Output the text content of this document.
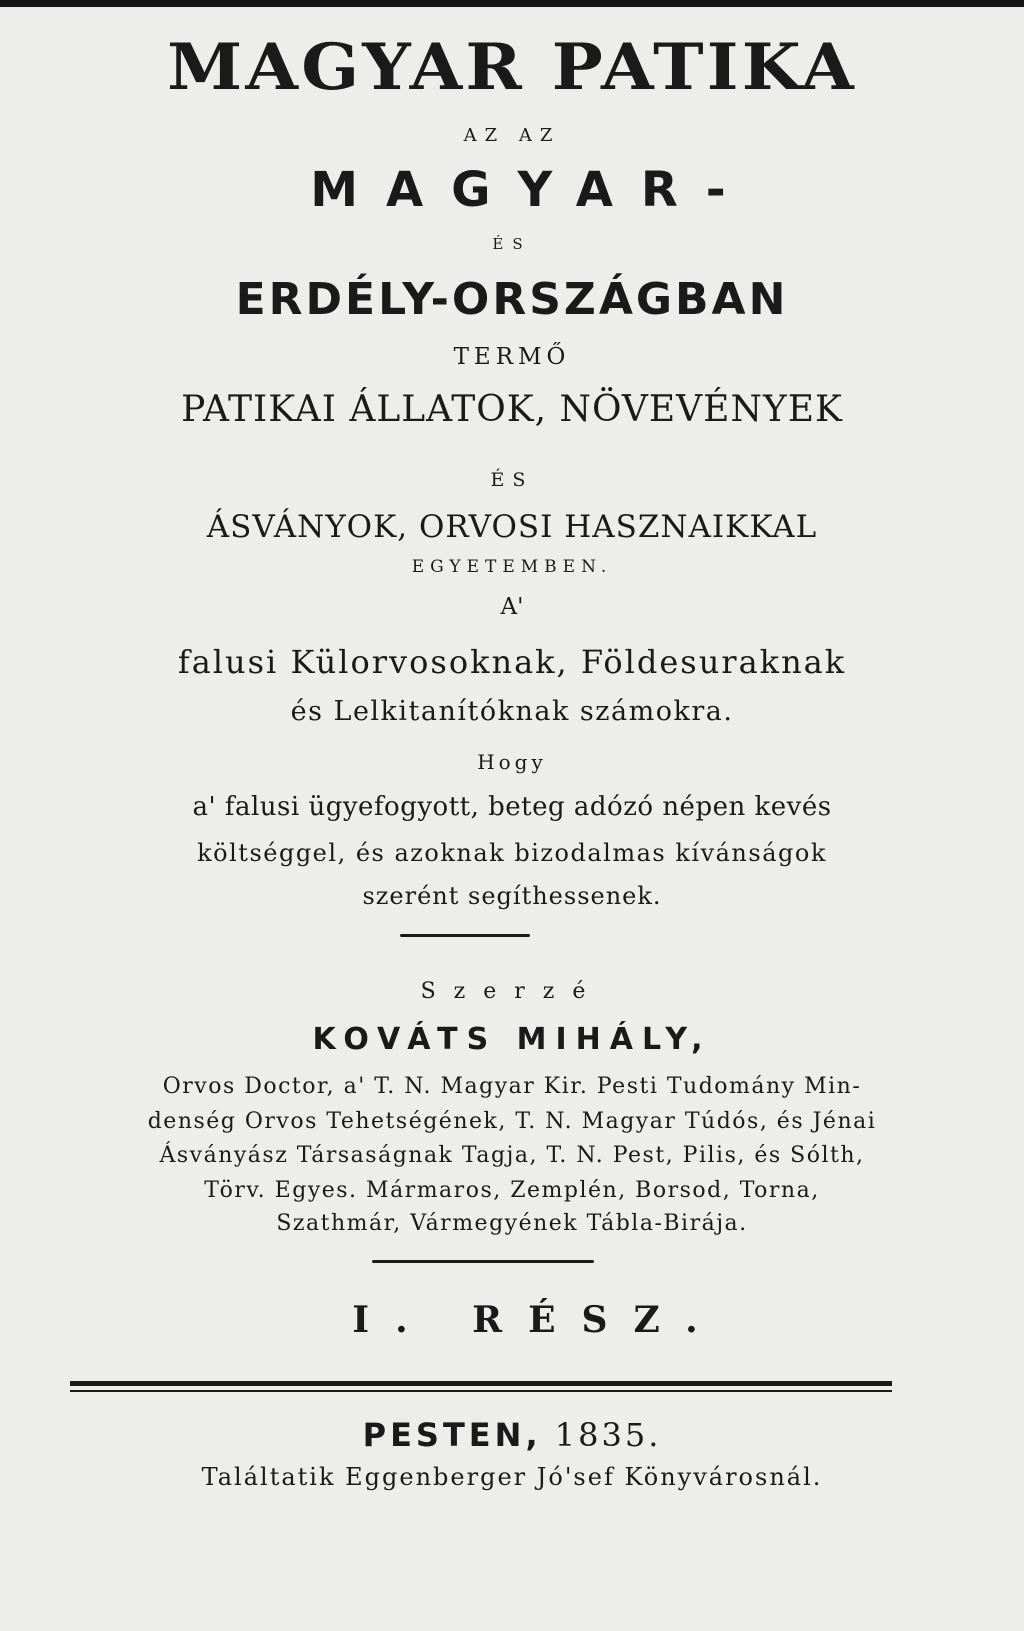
MAGYAR PATIKA
AZ AZ
MAGYAR-
ÉS
ERDÉLY-ORSZÁGBAN
TERMŐ
PATIKAI ÁLLATOK, NÖVEVÉNYEK
ÉS
ÁSVÁNYOK, ORVOSI HASZNAIKKAL
EGYETEMBEN.
A'
falusi Külorvosoknak, Földesuraknak
és Lelkitanítóknak számokra.
Hogy
a' falusi ügyefogyott, beteg adózó népen kevés
költséggel, és azoknak bizodalmas kívánságok
szerént segíthessenek.
Szerzé
KOVÁTS MIHÁLY,
Orvos Doctor, a' T. N. Magyar Kir. Pesti Tudomány Min-
denség Orvos Tehetségének, T. N. Magyar Túdós, és Jénai
Ásványász Társaságnak Tagja, T. N. Pest, Pilis, és Sólth,
Törv. Egyes. Mármaros, Zemplén, Borsod, Torna,
Szathmár, Vármegyének Tábla-Birája.
I. RÉSZ.
PESTEN, 1835.
Találtatik Eggenberger Jó'sef Könyvárosnál.
